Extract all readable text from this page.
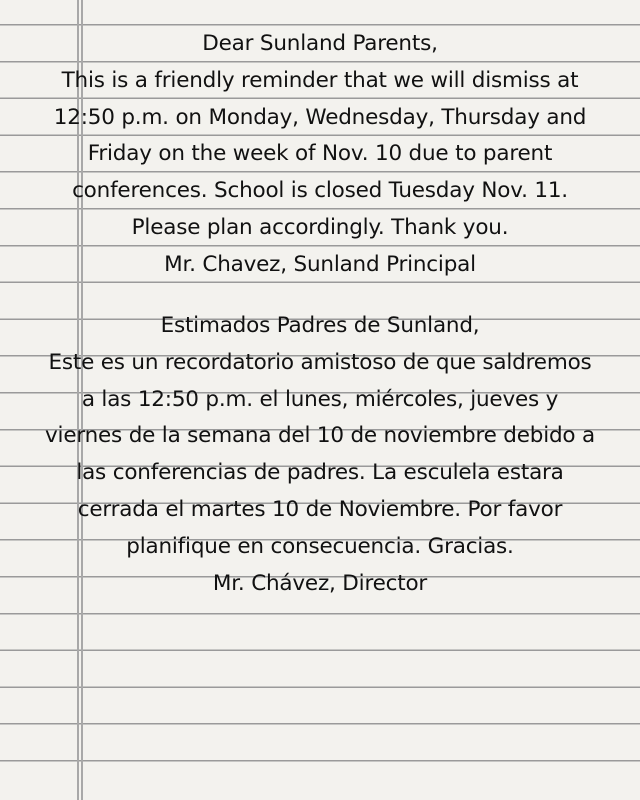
Dear Sunland Parents,
This is a friendly reminder that we will dismiss at
12:50 p.m. on Monday, Wednesday, Thursday and
Friday on the week of Nov. 10 due to parent
conferences. School is closed Tuesday Nov. 11.
Please plan accordingly. Thank you.
Mr. Chavez, Sunland Principal
Estimados Padres de Sunland,
Este es un recordatorio amistoso de que saldremos
a las 12:50 p.m. el lunes, miércoles, jueves y
viernes de la semana del 10 de noviembre debido a
las conferencias de padres. La esculela estara
cerrada el martes 10 de Noviembre. Por favor
planifique en consecuencia. Gracias.
Mr. Chávez, Director
